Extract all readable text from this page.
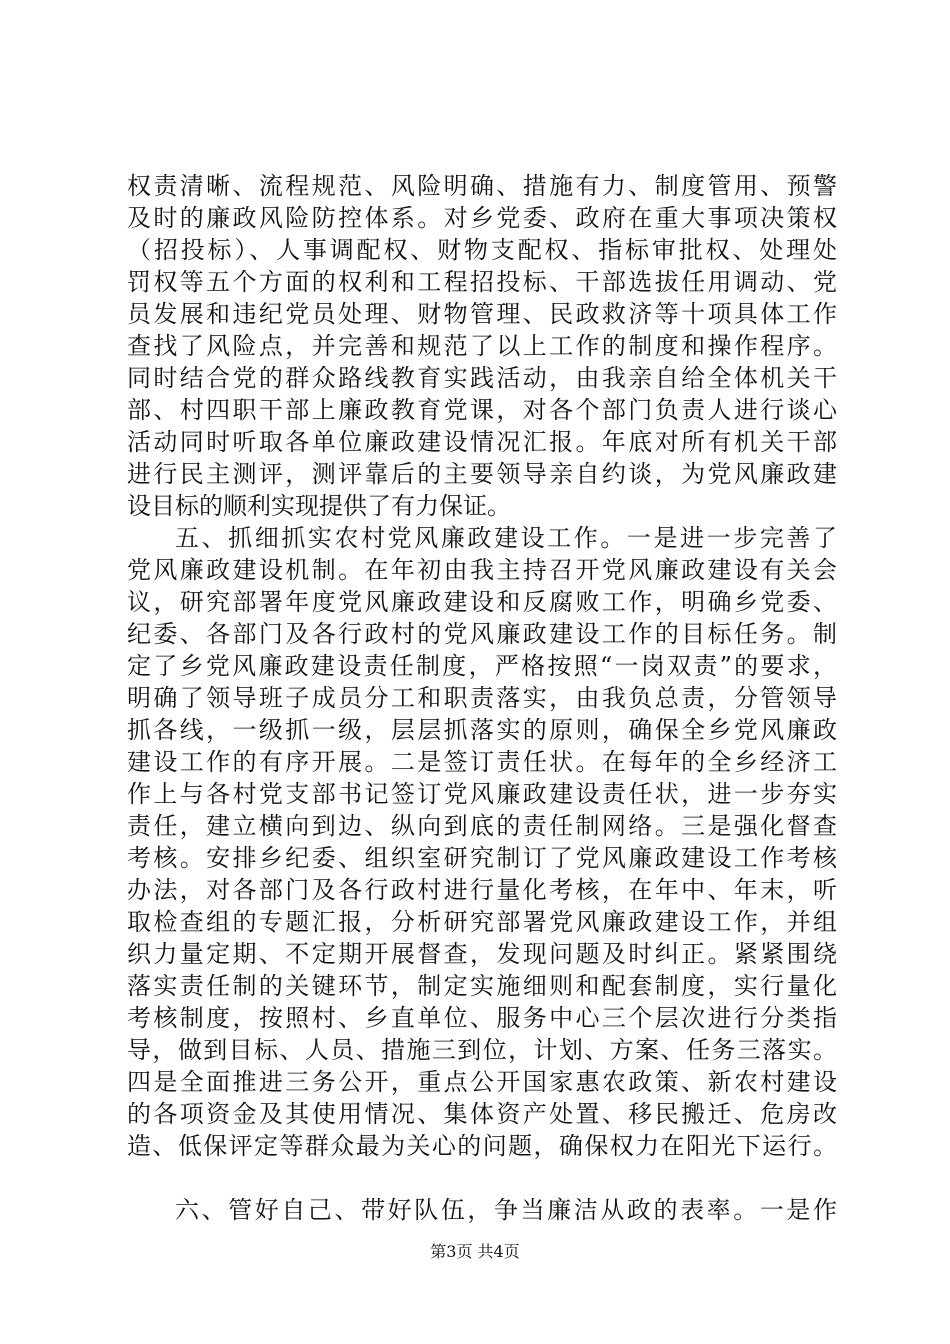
权责清晰、流程规范、风险明确、措施有力、制度管用、预警
及时的廉政风险防控体系。对乡党委、政府在重大事项决策权
（招投标）、人事调配权、财物支配权、指标审批权、处理处
罚权等五个方面的权利和工程招投标、干部选拔任用调动、党
员发展和违纪党员处理、财物管理、民政救济等十项具体工作
查找了风险点，并完善和规范了以上工作的制度和操作程序。
同时结合党的群众路线教育实践活动，由我亲自给全体机关干
部、村四职干部上廉政教育党课，对各个部门负责人进行谈心
活动同时听取各单位廉政建设情况汇报。年底对所有机关干部
进行民主测评，测评靠后的主要领导亲自约谈，为党风廉政建
设目标的顺利实现提供了有力保证。
五、抓细抓实农村党风廉政建设工作。一是进一步完善了
党风廉政建设机制。在年初由我主持召开党风廉政建设有关会
议，研究部署年度党风廉政建设和反腐败工作，明确乡党委、
纪委、各部门及各行政村的党风廉政建设工作的目标任务。制
定了乡党风廉政建设责任制度，严格按照“一岗双责”的要求，
明确了领导班子成员分工和职责落实，由我负总责，分管领导
抓各线，一级抓一级，层层抓落实的原则，确保全乡党风廉政
建设工作的有序开展。二是签订责任状。在每年的全乡经济工
作上与各村党支部书记签订党风廉政建设责任状，进一步夯实
责任，建立横向到边、纵向到底的责任制网络。三是强化督查
考核。安排乡纪委、组织室研究制订了党风廉政建设工作考核
办法，对各部门及各行政村进行量化考核，在年中、年末，听
取检查组的专题汇报，分析研究部署党风廉政建设工作，并组
织力量定期、不定期开展督查，发现问题及时纠正。紧紧围绕
落实责任制的关键环节，制定实施细则和配套制度，实行量化
考核制度，按照村、乡直单位、服务中心三个层次进行分类指
导，做到目标、人员、措施三到位，计划、方案、任务三落实。
四是全面推进三务公开，重点公开国家惠农政策、新农村建设
的各项资金及其使用情况、集体资产处置、移民搬迁、危房改
造、低保评定等群众最为关心的问题，确保权力在阳光下运行。
六、管好自己、带好队伍，争当廉洁从政的表率。一是作
第3页 共4页
